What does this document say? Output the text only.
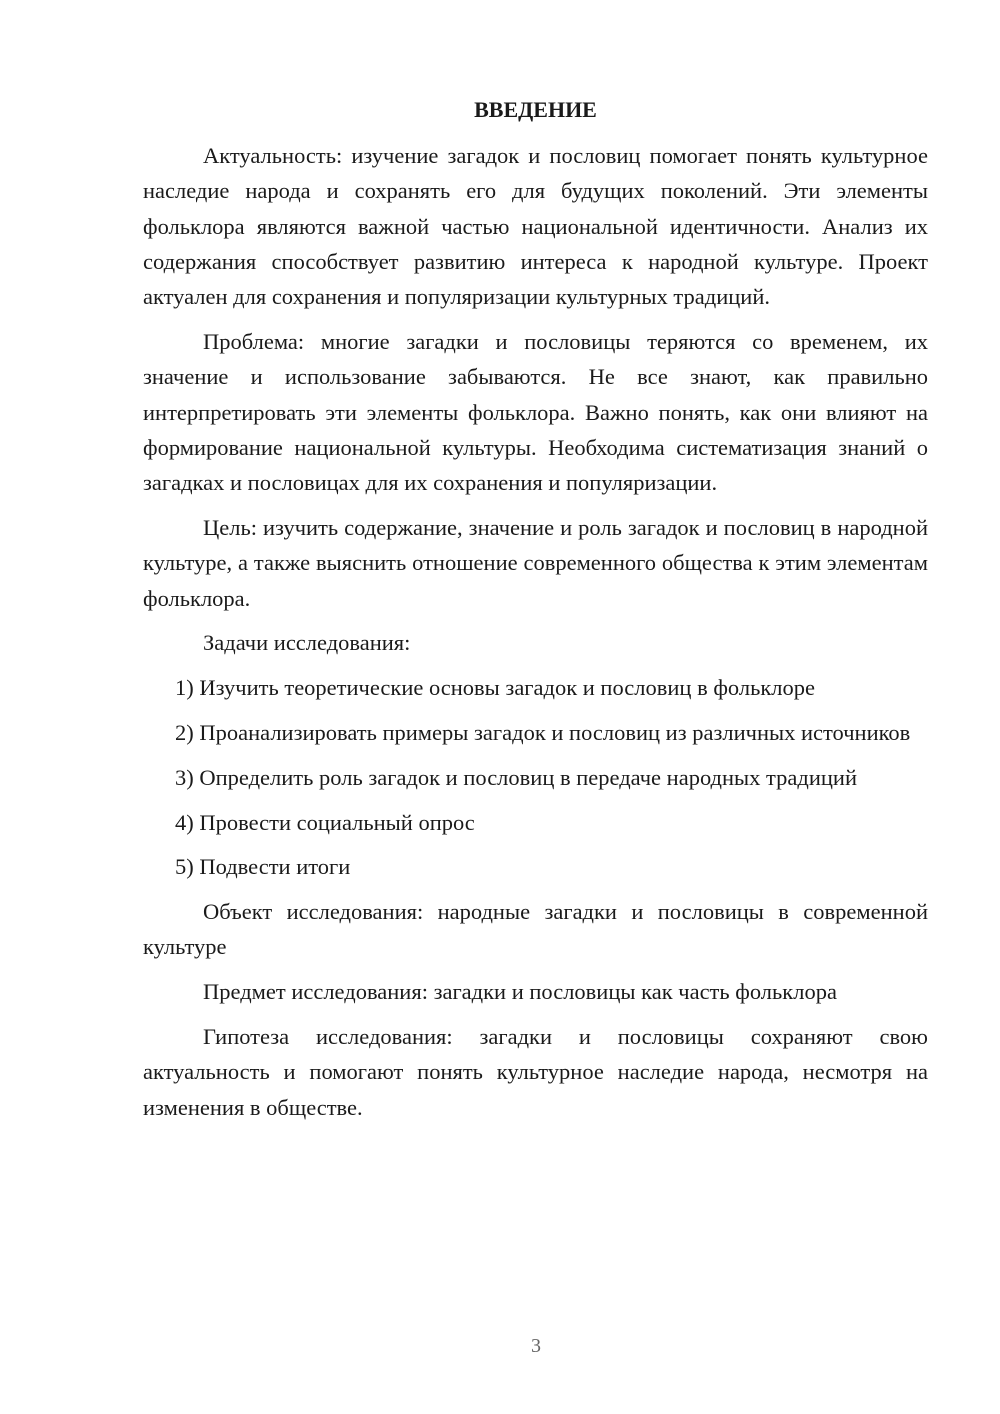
ВВЕДЕНИЕ

Актуальность: изучение загадок и пословиц помогает понять культурное наследие народа и сохранять его для будущих поколений. Эти элементы фольклора являются важной частью национальной идентичности. Анализ их содержания способствует развитию интереса к народной культуре. Проект актуален для сохранения и популяризации культурных традиций.

Проблема: многие загадки и пословицы теряются со временем, их значение и использование забываются. Не все знают, как правильно интерпретировать эти элементы фольклора. Важно понять, как они влияют на формирование национальной культуры. Необходима систематизация знаний о загадках и пословицах для их сохранения и популяризации.

Цель: изучить содержание, значение и роль загадок и пословиц в народной культуре, а также выяснить отношение современного общества к этим элементам фольклора.

Задачи исследования:

1) Изучить теоретические основы загадок и пословиц в фольклоре

2) Проанализировать примеры загадок и пословиц из различных источников

3) Определить роль загадок и пословиц в передаче народных традиций

4) Провести социальный опрос

5) Подвести итоги

Объект исследования: народные загадки и пословицы в современной культуре

Предмет исследования: загадки и пословицы как часть фольклора

Гипотеза исследования: загадки и пословицы сохраняют свою актуальность и помогают понять культурное наследие народа, несмотря на изменения в обществе.

3
